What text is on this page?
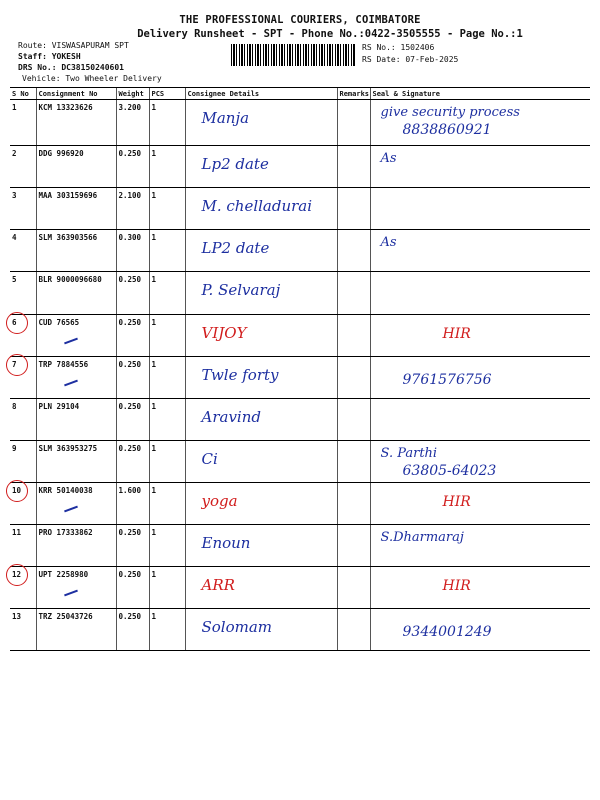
THE PROFESSIONAL COURIERS, COIMBATORE
Delivery Runsheet - SPT - Phone No.:0422-3505555 - Page No.:1
Route: VISWASAPURAM SPT
Staff: YOKESH
DRS No.: DC38150240601
Vehicle: Two Wheeler Delivery
RS No.: 1502406
RS Date: 07-Feb-2025
S No	Consignment No	Weight	PCS	Consignee Details	Remarks	Seal & Signature
1	KCM 13323626	3.200	1	Manja		give security process
8838860921

2	DDG 996920	0.250	1	Lp2 date		As

3	MAA 303159696	2.100	1	M. chelladurai		

4	SLM 363903566	0.300	1	LP2 date		As

5	BLR 9000096680	0.250	1	P. Selvaraj		

6	CUD 76565	0.250	1	VIJOY		HIR

7	TRP 7884556	0.250	1	Twle forty		9761576756

8	PLN 29104	0.250	1	Aravind		

9	SLM 363953275	0.250	1	Ci		S. Parthi
63805-64023

10	KRR 50140038	1.600	1	yoga		HIR

11	PRO 17333862	0.250	1	Enoun		S.Dharmaraj

12	UPT 2258980	0.250	1	ARR		HIR

13	TRZ 25043726	0.250	1	Solomam		9344001249
